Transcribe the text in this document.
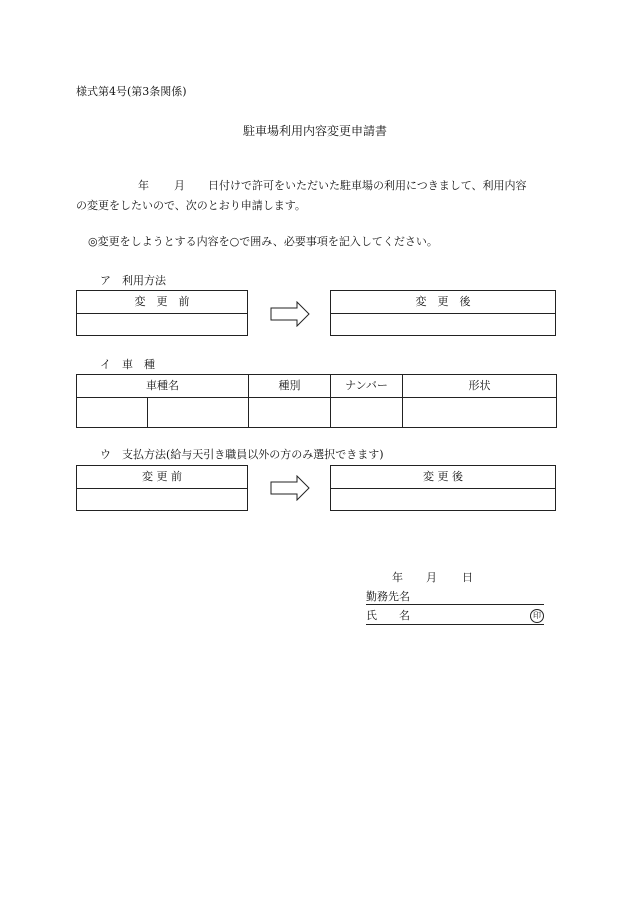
様式第4号(第3条関係)
駐車場利用内容変更申請書
年 月 日付けで許可をいただいた駐車場の利用につきまして、利用内容
の変更をしたいので、次のとおり申請します。
◎変更をしようとする内容を○で囲み、必要事項を記入してください。
ア　利用方法
変　更　前	変　更　後
イ　車　種
車種名		種別	ナンバー	形状

ウ　支払方法(給与天引き職員以外の方のみ選択できます)
変 更 前	変 更 後
年 月 日
勤務先名
氏　　名	印
